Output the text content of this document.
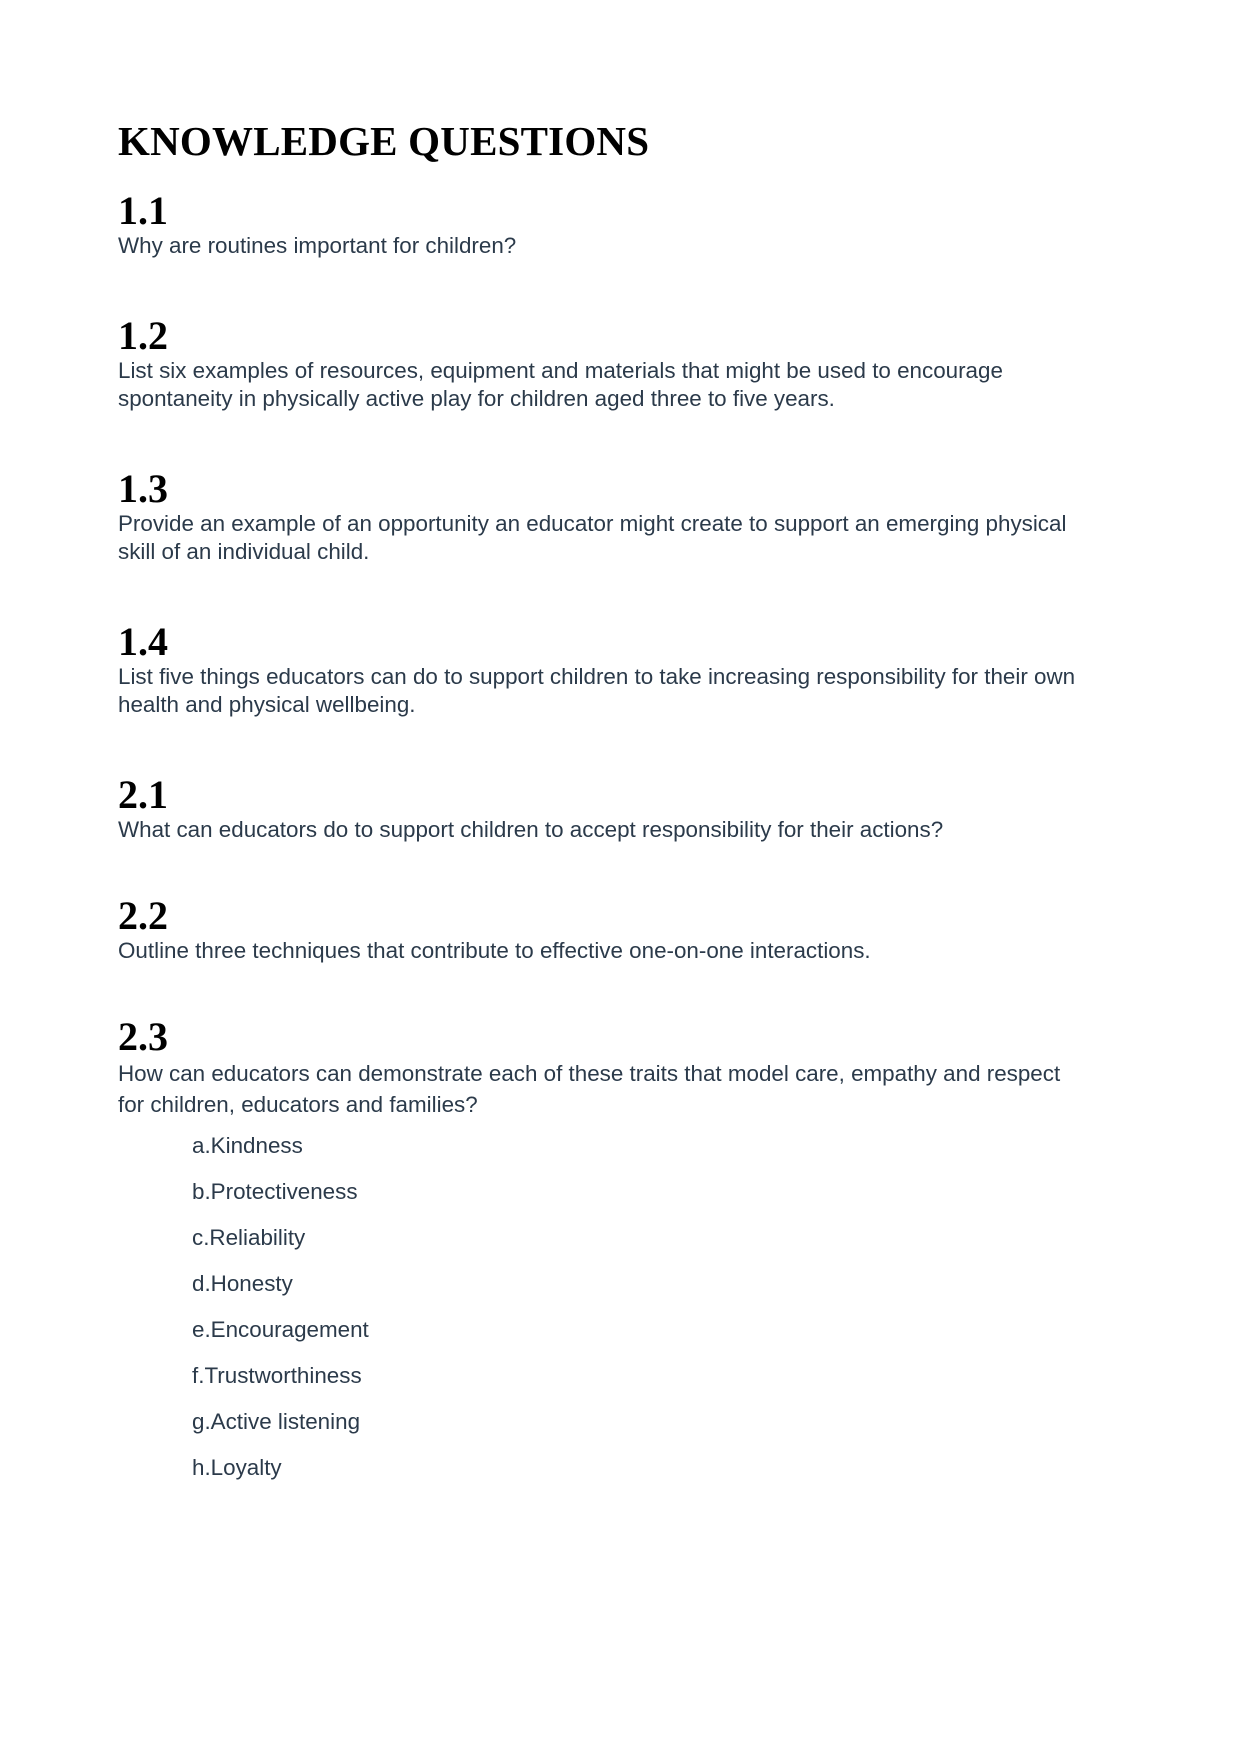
KNOWLEDGE QUESTIONS
1.1

Why are routines important for children?

1.2

List six examples of resources, equipment and materials that might be used to encourage
spontaneity in physically active play for children aged three to five years.

1.3

Provide an example of an opportunity an educator might create to support an emerging physical
skill of an individual child.

1.4

List five things educators can do to support children to take increasing responsibility for their own
health and physical wellbeing.

2.1

What can educators do to support children to accept responsibility for their actions?

2.2

Outline three techniques that contribute to effective one-on-one interactions.

2.3

How can educators can demonstrate each of these traits that model care, empathy and respect
for children, educators and families?

a.Kindness
b.Protectiveness
c.Reliability
d.Honesty
e.Encouragement
f.Trustworthiness
g.Active listening
h.Loyalty
